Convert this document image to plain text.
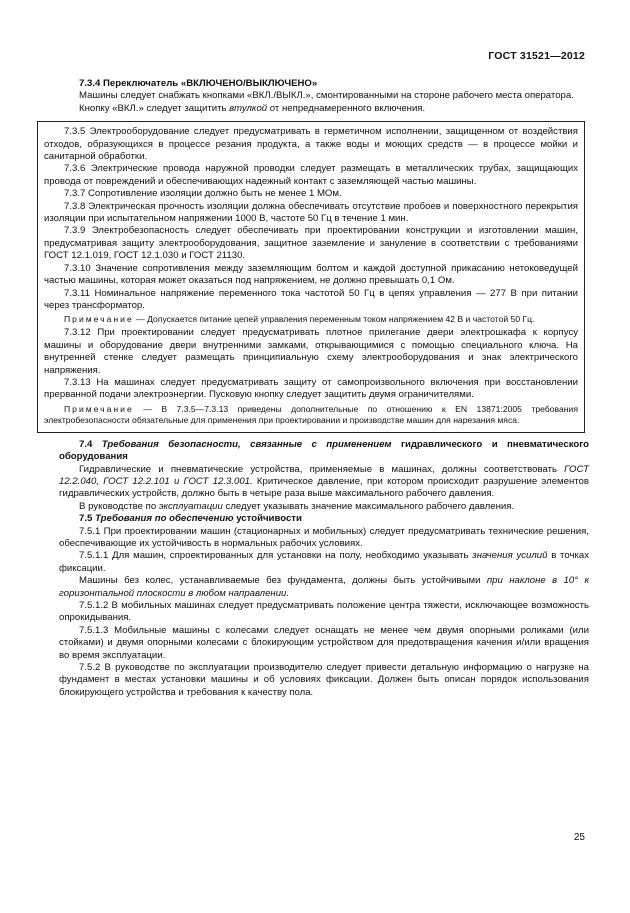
ГОСТ 31521—2012

7.3.4 Переключатель «ВКЛЮЧЕНО/ВЫКЛЮЧЕНО»

Машины следует снабжать кнопками «ВКЛ./ВЫКЛ.», смонтированными на стороне рабочего места оператора.

Кнопку «ВКЛ.» следует защитить втулкой от непреднамеренного включения.

7.3.5 Электрооборудование следует предусматривать в герметичном исполнении, защищенном от воздействия отходов, образующихся в процессе резания продукта, а также воды и моющих средств — в процессе мойки и санитарной обработки.

7.3.6 Электрические провода наружной проводки следует размещать в металлических трубах, защищающих провода от повреждений и обеспечивающих надежный контакт с заземляющей частью машины.

7.3.7 Сопротивление изоляции должно быть не менее 1 МОм.

7.3.8 Электрическая прочность изоляции должна обеспечивать отсутствие пробоев и поверхностного перекрытия изоляции при испытательном напряжении 1000 В, частоте 50 Гц в течение 1 мин.

7.3.9 Электробезопасность следует обеспечивать при проектировании конструкции и изготовлении машин, предусматривая защиту электрооборудования, защитное заземление и зануление в соответствии с требованиями ГОСТ 12.1.019, ГОСТ 12.1.030 и ГОСТ 21130.

7.3.10 Значение сопротивления между заземляющим болтом и каждой доступной прикасанию нетоковедущей частью машины, которая может оказаться под напряжением, не должно превышать 0,1 Ом.

7.3.11 Номинальное напряжение переменного тока частотой 50 Гц в цепях управления — 277 В при питании через трансформатор.

Примечание — Допускается питание цепей управления переменным током напряжением 42 В и частотой 50 Гц.

7.3.12 При проектировании следует предусматривать плотное прилегание двери электрошкафа к корпусу машины и оборудование двери внутренними замками, открывающимися с помощью специального ключа. На внутренней стенке следует размещать принципиальную схему электрооборудования и знак электрического напряжения.

7.3.13 На машинах следует предусматривать защиту от самопроизвольного включения при восстановлении прерванной подачи электроэнергии. Пусковую кнопку следует защитить двумя ограничителями.

Примечание — В 7.3.5—7.3.13 приведены дополнительные по отношению к EN 13871:2005 требования электробезопасности обязательные для применения при проектировании и производстве машин для нарезания мяса.

7.4 Требования безопасности, связанные с применением гидравлического и пневматического оборудования

Гидравлические и пневматические устройства, применяемые в машинах, должны соответствовать ГОСТ 12.2.040, ГОСТ 12.2.101 и ГОСТ 12.3.001. Критическое давление, при котором происходит разрушение элементов гидравлических устройств, должно быть в четыре раза выше максимального рабочего давления.

В руководстве по эксплуатации следует указывать значение максимального рабочего давления.

7.5 Требования по обеспечению устойчивости

7.5.1 При проектировании машин (стационарных и мобильных) следует предусматривать технические решения, обеспечивающие их устойчивость в нормальных рабочих условиях.

7.5.1.1 Для машин, спроектированных для установки на полу, необходимо указывать значения усилий в точках фиксации.

Машины без колес, устанавливаемые без фундамента, должны быть устойчивыми при наклоне в 10° к горизонтальной плоскости в любом направлении.

7.5.1.2 В мобильных машинах следует предусматривать положение центра тяжести, исключающее возможность опрокидывания.

7.5.1.3 Мобильные машины с колесами следует оснащать не менее чем двумя опорными роликами (или стойками) и двумя опорными колесами с блокирующим устройством для предотвращения качения и/или вращения во время эксплуатации.

7.5.2 В руководстве по эксплуатации производителю следует привести детальную информацию о нагрузке на фундамент в местах установки машины и об условиях фиксации. Должен быть описан порядок использования блокирующего устройства и требования к качеству пола.

25
